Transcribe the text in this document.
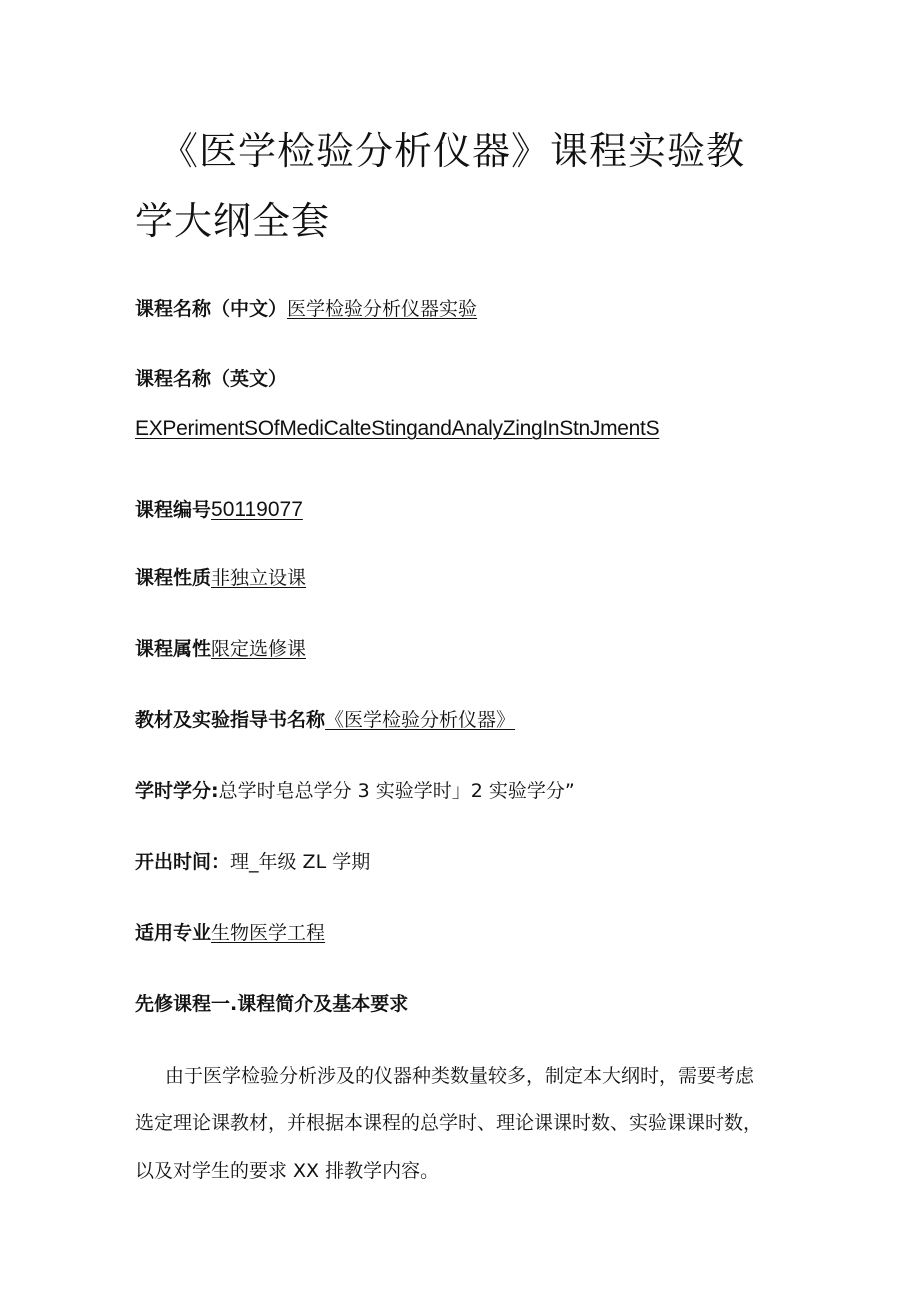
《医学检验分析仪器》课程实验教
学大纲全套
课程名称（中文）医学检验分析仪器实验
课程名称（英文）
EXPerimentSOfMediCalteStingandAnalyZingInStnJmentS
课程编号50119077
课程性质非独立设课
课程属性限定选修课
教材及实验指导书名称《医学检验分析仪器》
学时学分:总学时皂总学分 3 实验学时」2 实验学分”
开出时间：理_年级 ZL 学期
适用专业生物医学工程
先修课程一.课程简介及基本要求
由于医学检验分析涉及的仪器种类数量较多，制定本大纲时，需要考虑
选定理论课教材，并根据本课程的总学时、理论课课时数、实验课课时数，
以及对学生的要求 XX 排教学内容。
